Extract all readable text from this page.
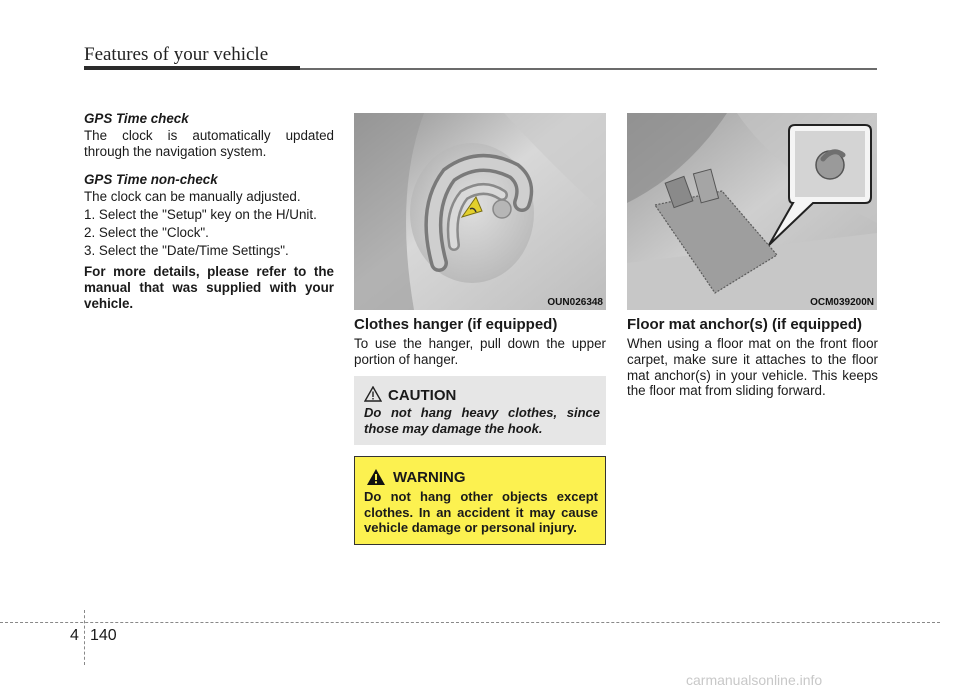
Features of your vehicle

GPS Time check

The clock is automatically updated through the navigation system.

GPS Time non-check

The clock can be manually adjusted.

1. Select the "Setup" key on the H/Unit.

2. Select the "Clock".

3. Select the "Date/Time Settings".

For more details, please refer to the manual that was supplied with your vehicle.	OUN026348	OCM039200N
Clothes hanger (if equipped)
To use the hanger, pull down the upper portion of hanger.
CAUTION
Do not hang heavy clothes, since those may damage the hook.
WARNING
Do not hang other objects except clothes. In an accident it may cause vehicle damage or personal injury.
Floor mat anchor(s) (if equipped)
When using a floor mat on the front floor carpet, make sure it attaches to the floor mat anchor(s) in your vehicle. This keeps the floor mat from sliding forward.
4 140
carmanualsonline.info
